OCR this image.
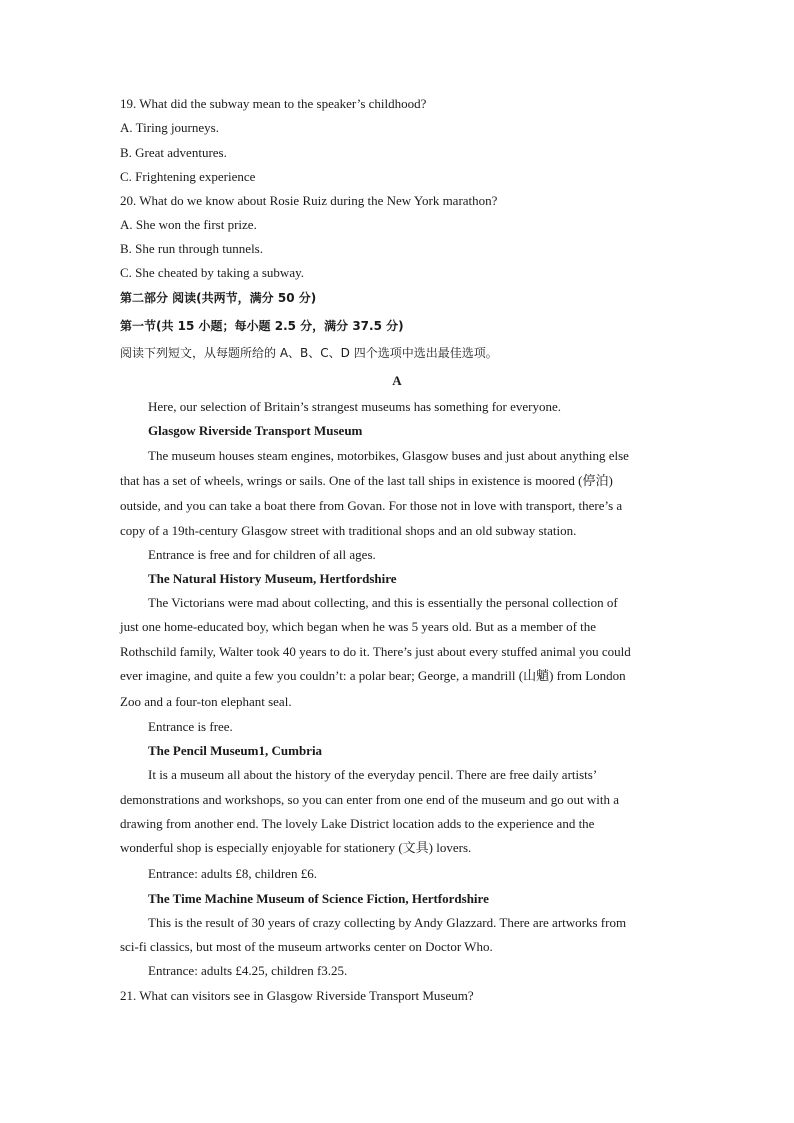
19. What did the subway mean to the speaker’s childhood?
A. Tiring journeys.
B. Great adventures.
C. Frightening experience
20. What do we know about Rosie Ruiz during the New York marathon?
A. She won the first prize.
B. She run through tunnels.
C. She cheated by taking a subway.
第二部分 阅读(共两节，满分 50 分)
第一节(共 15 小题；每小题 2.5 分，满分 37.5 分)
阅读下列短文，从每题所给的 A、B、C、D 四个选项中选出最佳选项。
A
Here, our selection of Britain’s strangest museums has something for everyone.
Glasgow Riverside Transport Museum
The museum houses steam engines, motorbikes, Glasgow buses and just about anything else
that has a set of wheels, wrings or sails. One of the last tall ships in existence is moored (停泊)
outside, and you can take a boat there from Govan. For those not in love with transport, there’s a
copy of a 19th-century Glasgow street with traditional shops and an old subway station.
Entrance is free and for children of all ages.
The Natural History Museum, Hertfordshire
The Victorians were mad about collecting, and this is essentially the personal collection of
just one home-educated boy, which began when he was 5 years old. But as a member of the
Rothschild family, Walter took 40 years to do it. There’s just about every stuffed animal you could
ever imagine, and quite a few you couldn’t: a polar bear; George, a mandrill (山魈) from London
Zoo and a four-ton elephant seal.
Entrance is free.
The Pencil Museum1, Cumbria
It is a museum all about the history of the everyday pencil. There are free daily artists’
demonstrations and workshops, so you can enter from one end of the museum and go out with a
drawing from another end. The lovely Lake District location adds to the experience and the
wonderful shop is especially enjoyable for stationery (文具) lovers.
Entrance: adults £8, children £6.
The Time Machine Museum of Science Fiction, Hertfordshire
This is the result of 30 years of crazy collecting by Andy Glazzard. There are artworks from
sci-fi classics, but most of the museum artworks center on Doctor Who.
Entrance: adults £4.25, children f3.25.
21. What can visitors see in Glasgow Riverside Transport Museum?
